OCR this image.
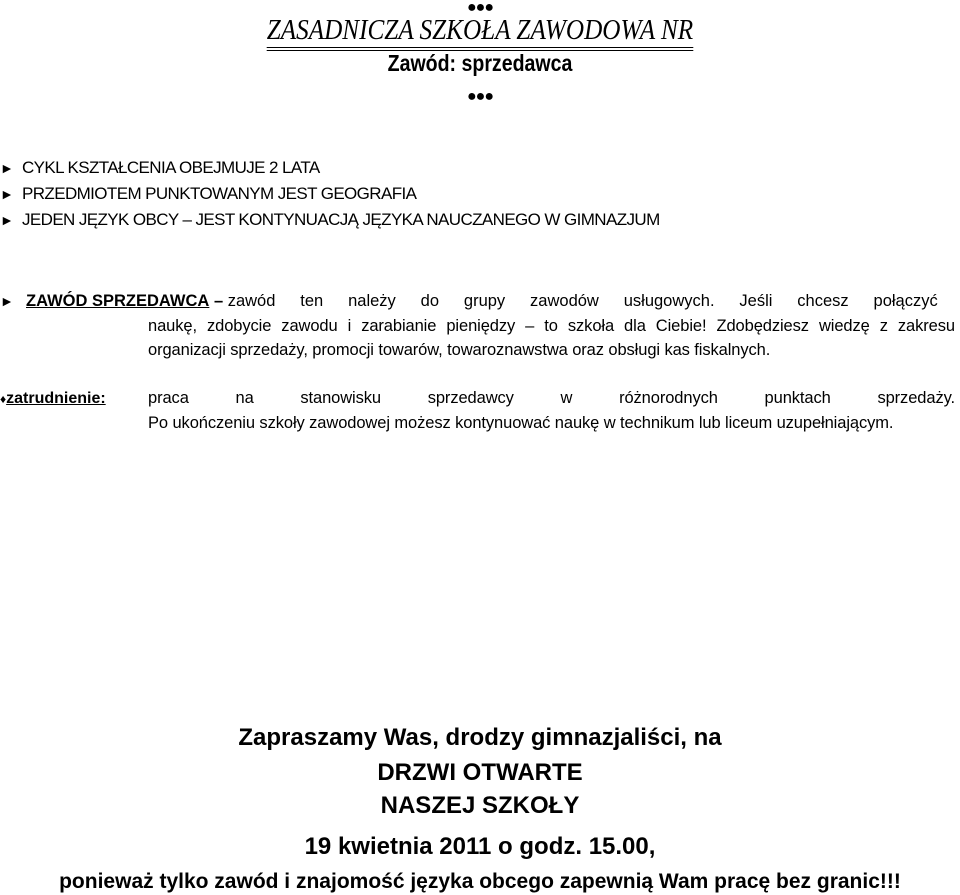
●●●
ZASADNICZA SZKOŁA ZAWODOWA NR
Zawód: sprzedawca
●●●
► CYKL KSZTAŁCENIA OBEJMUJE 2 LATA
► PRZEDMIOTEM PUNKTOWANYM JEST GEOGRAFIA
► JEDEN JĘZYK OBCY – JEST KONTYNUACJĄ JĘZYKA NAUCZANEGO W GIMNAZJUM
► ZAWÓD SPRZEDAWCA – zawód ten należy do grupy zawodów usługowych. Jeśli chcesz połączyć
naukę, zdobycie zawodu i zarabianie pieniędzy – to szkoła dla Ciebie! Zdobędziesz wiedzę z zakresu organizacji sprzedaży, promocji towarów, towaroznawstwa oraz obsługi kas fiskalnych.
♦zatrudnienie:	praca na stanowisku sprzedawcy w różnorodnych punktach sprzedaży.
Po ukończeniu szkoły zawodowej możesz kontynuować naukę w technikum lub liceum uzupełniającym.
Zapraszamy Was, drodzy gimnazjaliści, na
DRZWI OTWARTE
NASZEJ SZKOŁY
19 kwietnia 2011 o godz. 15.00,
ponieważ tylko zawód i znajomość języka obcego zapewnią Wam pracę bez granic!!!
